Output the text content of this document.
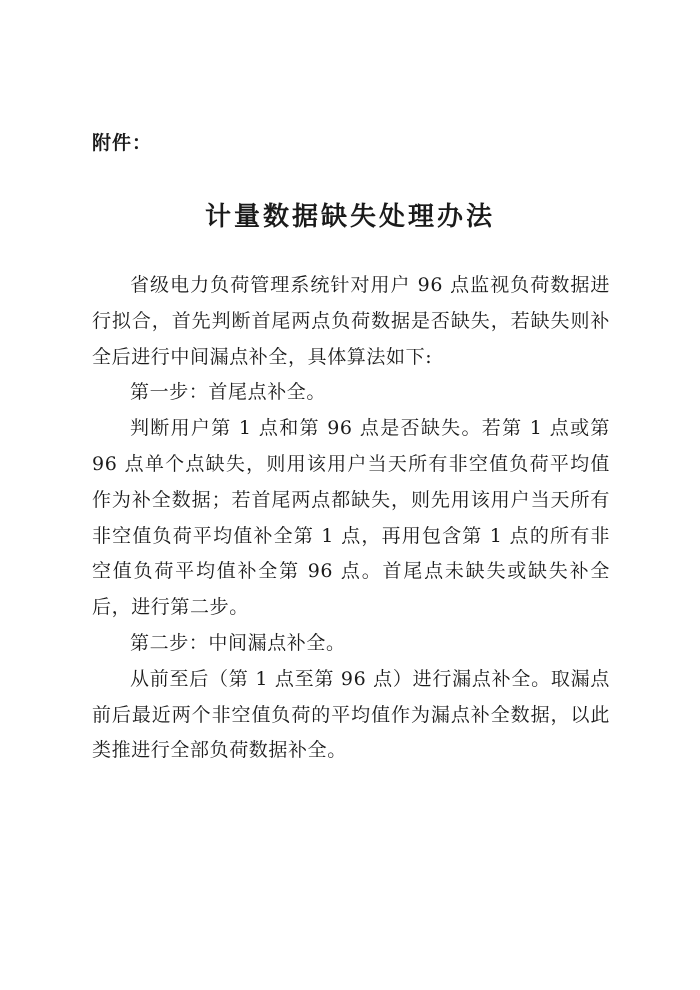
附件：
计量数据缺失处理办法

省级电力负荷管理系统针对用户 96 点监视负荷数据进行拟合，首先判断首尾两点负荷数据是否缺失，若缺失则补全后进行中间漏点补全，具体算法如下:

第一步：首尾点补全。

判断用户第 1 点和第 96 点是否缺失。若第 1 点或第 96 点单个点缺失，则用该用户当天所有非空值负荷平均值作为补全数据；若首尾两点都缺失，则先用该用户当天所有非空值负荷平均值补全第 1 点，再用包含第 1 点的所有非空值负荷平均值补全第 96 点。首尾点未缺失或缺失补全后，进行第二步。

第二步：中间漏点补全。

从前至后（第 1 点至第 96 点）进行漏点补全。取漏点前后最近两个非空值负荷的平均值作为漏点补全数据，以此类推进行全部负荷数据补全。
